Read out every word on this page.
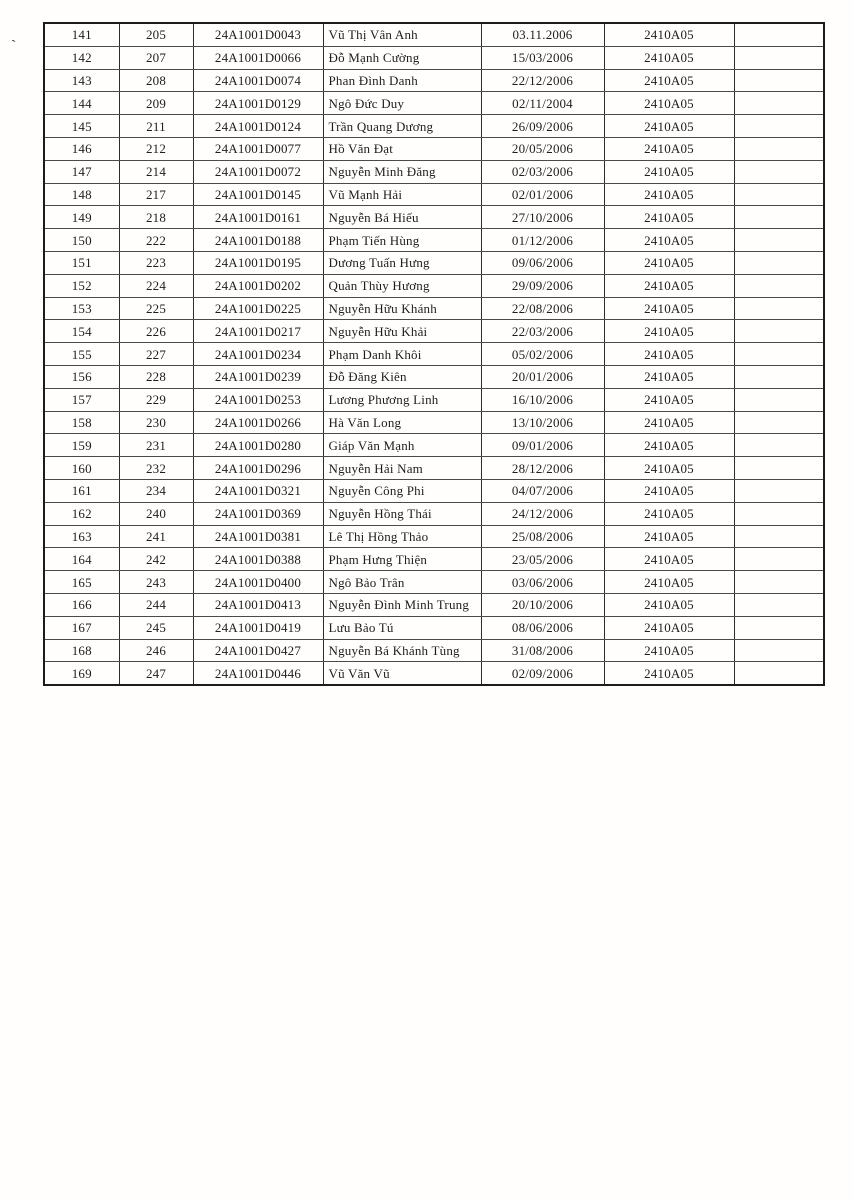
`
141	205	24A1001D0043	Vũ Thị Vân Anh	03.11.2006	2410A05	
142	207	24A1001D0066	Đỗ Mạnh Cường	15/03/2006	2410A05	
143	208	24A1001D0074	Phan Đình Danh	22/12/2006	2410A05	
144	209	24A1001D0129	Ngô Đức Duy	02/11/2004	2410A05	
145	211	24A1001D0124	Trần Quang Dương	26/09/2006	2410A05	
146	212	24A1001D0077	Hồ Văn Đạt	20/05/2006	2410A05	
147	214	24A1001D0072	Nguyễn Minh Đăng	02/03/2006	2410A05	
148	217	24A1001D0145	Vũ Mạnh Hải	02/01/2006	2410A05	
149	218	24A1001D0161	Nguyễn Bá Hiếu	27/10/2006	2410A05	
150	222	24A1001D0188	Phạm Tiến Hùng	01/12/2006	2410A05	
151	223	24A1001D0195	Dương Tuấn Hưng	09/06/2006	2410A05	
152	224	24A1001D0202	Quản Thùy Hương	29/09/2006	2410A05	
153	225	24A1001D0225	Nguyễn Hữu Khánh	22/08/2006	2410A05	
154	226	24A1001D0217	Nguyễn Hữu Khải	22/03/2006	2410A05	
155	227	24A1001D0234	Phạm Danh Khôi	05/02/2006	2410A05	
156	228	24A1001D0239	Đỗ Đăng Kiên	20/01/2006	2410A05	
157	229	24A1001D0253	Lương Phương Linh	16/10/2006	2410A05	
158	230	24A1001D0266	Hà Văn Long	13/10/2006	2410A05	
159	231	24A1001D0280	Giáp Văn Mạnh	09/01/2006	2410A05	
160	232	24A1001D0296	Nguyễn Hải Nam	28/12/2006	2410A05	
161	234	24A1001D0321	Nguyễn Công Phi	04/07/2006	2410A05	
162	240	24A1001D0369	Nguyễn Hồng Thái	24/12/2006	2410A05	
163	241	24A1001D0381	Lê Thị Hồng Thảo	25/08/2006	2410A05	
164	242	24A1001D0388	Phạm Hưng Thiện	23/05/2006	2410A05	
165	243	24A1001D0400	Ngô Bảo Trân	03/06/2006	2410A05	
166	244	24A1001D0413	Nguyễn Đình Minh Trung	20/10/2006	2410A05	
167	245	24A1001D0419	Lưu Bảo Tú	08/06/2006	2410A05	
168	246	24A1001D0427	Nguyễn Bá Khánh Tùng	31/08/2006	2410A05	
169	247	24A1001D0446	Vũ Văn Vũ	02/09/2006	2410A05	
